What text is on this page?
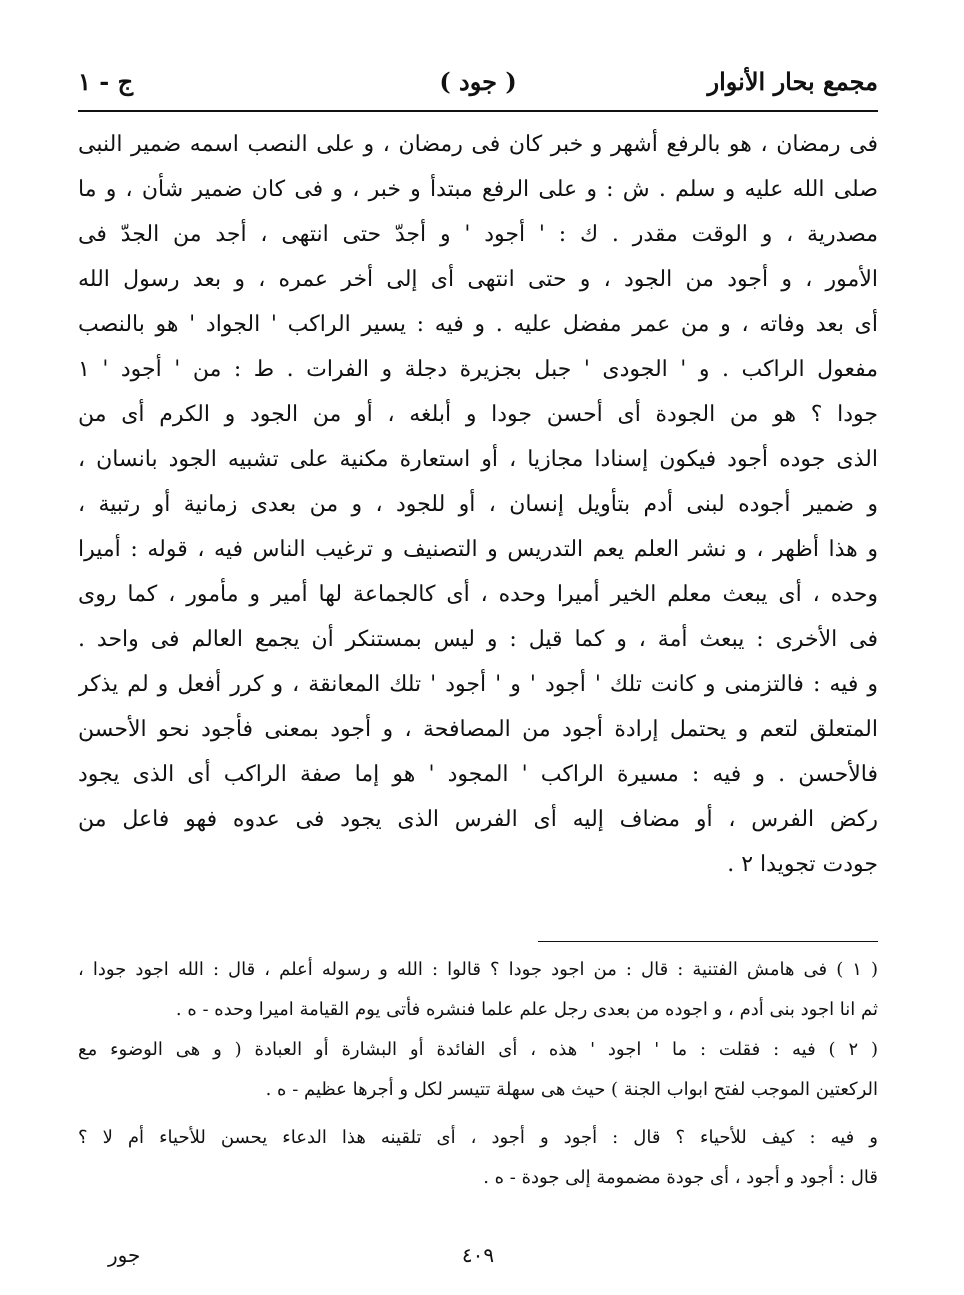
مجمع بحار الأنوار
( جود )
ج - ١
فى رمضان ، هو بالرفع أشهر و خبر كان فى رمضان ، و على النصب اسمه ضمير النبى
صلى الله عليه و سلم . ش : و على الرفع مبتدأ و خبر ، و فى كان ضمير شأن ، و ما
مصدرية ، و الوقت مقدر . ك : ' أجود ' و أجدّ حتى انتهى ، أجد من الجدّ فى
الأمور ، و أجود من الجود ، و حتى انتهى أى إلى أخر عمره ، و بعد رسول الله
أى بعد وفاته ، و من عمر مفضل عليه . و فيه : يسير الراكب ' الجواد ' هو بالنصب
مفعول الراكب . و ' الجودى ' جبل بجزيرة دجلة و الفرات . ط : من ' أجود ' ١
جودا ؟ هو من الجودة أى أحسن جودا و أبلغه ، أو من الجود و الكرم أى من
الذى جوده أجود فيكون إسنادا مجازيا ، أو استعارة مكنية على تشبيه الجود بانسان ،
و ضمير أجوده لبنى أدم بتأويل إنسان ، أو للجود ، و من بعدى زمانية أو رتبية ،
و هذا أظهر ، و نشر العلم يعم التدريس و التصنيف و ترغيب الناس فيه ، قوله : أميرا
وحده ، أى يبعث معلم الخير أميرا وحده ، أى كالجماعة لها أمير و مأمور ، كما روى
فى الأخرى : يبعث أمة ، و كما قيل : و ليس بمستنكر أن يجمع العالم فى واحد .
و فيه : فالتزمنى و كانت تلك ' أجود ' و ' أجود ' تلك المعانقة ، و كرر أفعل و لم يذكر
المتعلق لتعم و يحتمل إرادة أجود من المصافحة ، و أجود بمعنى فأجود نحو الأحسن
فالأحسن . و فيه : مسيرة الراكب ' المجود ' هو إما صفة الراكب أى الذى يجود
ركض الفرس ، أو مضاف إليه أى الفرس الذى يجود فى عدوه فهو فاعل من
جودت تجويدا ٢ .
( ١ ) فى هامش الفتنية : قال : من اجود جودا ؟ قالوا : الله و رسوله أعلم ، قال : الله اجود جودا ،
ثم انا اجود بنى أدم ، و اجوده من بعدى رجل علم علما فنشره فأتى يوم القيامة اميرا وحده - ه .
( ٢ ) فيه : فقلت : ما ' اجود ' هذه ، أى الفائدة أو البشارة أو العبادة ( و هى الوضوء مع
الركعتين الموجب لفتح ابواب الجنة ) حيث هى سهلة تتيسر لكل و أجرها عظيم - ه .
و فيه : كيف للأحياء ؟ قال : أجود و أجود ، أى تلقينه هذا الدعاء يحسن للأحياء أم لا ؟
قال : أجود و أجود ، أى جودة مضمومة إلى جودة - ه .
٤٠٩
جور
